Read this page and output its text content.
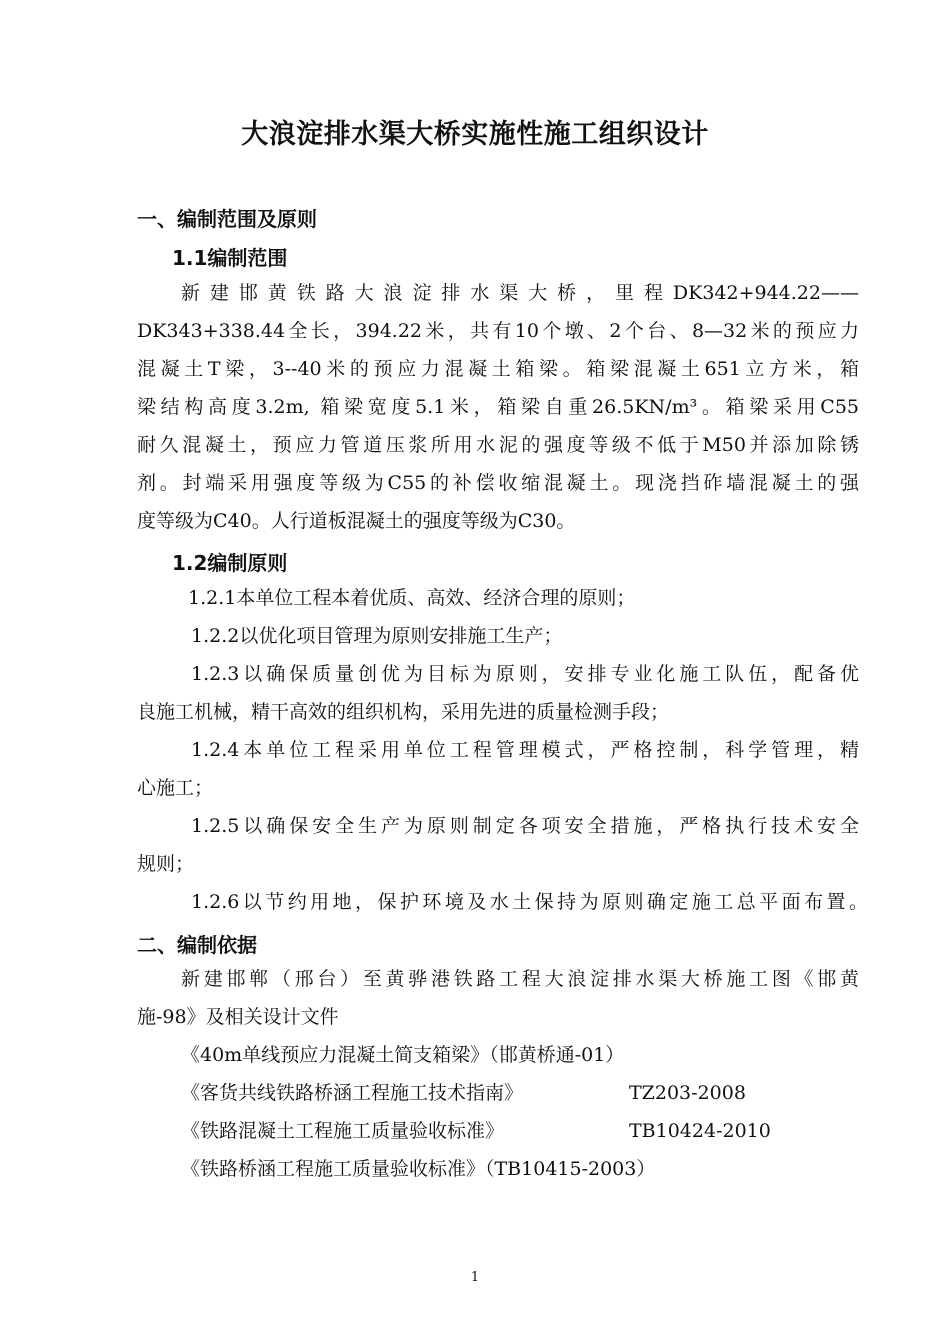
大浪淀排水渠大桥实施性施工组织设计
一、编制范围及原则
1.1编制范围
新 建 邯 黄 铁 路 大 浪 淀 排 水 渠 大 桥 ， 里 程 DK342+944.22——
DK343+338.44全长，394.22米，共有10个墩、2个台、8—32米的预应力
混凝土T梁，3--40米的预应力混凝土箱梁。箱梁混凝土651立方米，箱
梁结构高度3.2m, 箱梁宽度5.1米，箱梁自重26.5KN/m³。箱梁采用C55
耐久混凝土，预应力管道压浆所用水泥的强度等级不低于M50并添加除锈
剂。封端采用强度等级为C55的补偿收缩混凝土。现浇挡砟墙混凝土的强
度等级为C40。人行道板混凝土的强度等级为C30。
1.2编制原则
1.2.1本单位工程本着优质、高效、经济合理的原则；
1.2.2以优化项目管理为原则安排施工生产；
1.2.3以确保质量创优为目标为原则，安排专业化施工队伍，配备优
良施工机械，精干高效的组织机构，采用先进的质量检测手段；
1.2.4本单位工程采用单位工程管理模式，严格控制，科学管理，精
心施工；
1.2.5以确保安全生产为原则制定各项安全措施，严格执行技术安全
规则；
1.2.6以节约用地，保护环境及水土保持为原则确定施工总平面布置。
二、编制依据
新建邯郸（邢台）至黄骅港铁路工程大浪淀排水渠大桥施工图《邯黄
施-98》及相关设计文件
《40m单线预应力混凝土简支箱梁》（邯黄桥通-01）
《客货共线铁路桥涵工程施工技术指南》	TZ203-2008
《铁路混凝土工程施工质量验收标准》	TB10424-2010
《铁路桥涵工程施工质量验收标准》（TB10415-2003）
1
